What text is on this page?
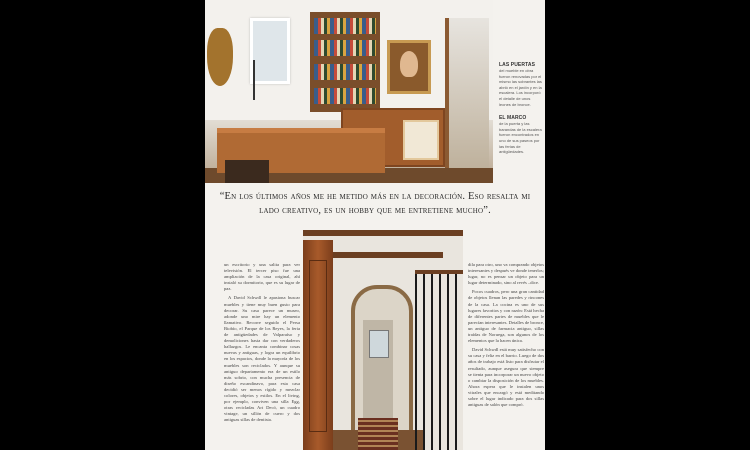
LAS PUERTAS
del mueble en obra fueron renovadas por el mismo las sobrantes las abrió en el jardín y en la escalera. Los incorporó el detalle de unos leones de bronce.
EL MARCO
de la puerta y las barandas de la escalera fueron encontrados en uno de sus paseos por las ferias de antigüedades.
“En los últimos años me he metido más en la decoración. Eso resalta mi lado creativo, es un hobby que me entretiene mucho”.

un escritorio y una salita para ver televisión. El tercer piso fue una ampliación de la casa original, ahí instaló su dormitorio, que es su lugar de paz.

A David Schwdl le apasiona buscar muebles y tiene muy buen gusto para decorar. Su casa parece un museo, adonde uno mire hay un elemento llamativo. Recorre seguido el Persa Biobío, el Parque de los Reyes, la feria de antigüedades de Valparaíso y demoliciones hasta dar con verdaderos hallazgos. Le encanta combinar cosas nuevas y antiguas, y logra un equilibrio en los espacios, donde la mayoría de los muebles son reciclados. Y aunque su antiguo departamento era de un estilo más sobrio, con mucha presencia de diseño escandinavo, para esta casa decidió ser menos rígido y mezclar colores, objetos y estilos. En el living, por ejemplo, conviven una silla Egg, otras recicladas Art Decó, un cuadro vintage, un sillón de cuero y dos antiguas sillas de dentista.

dila para otro, uno va comprando objetos interesantes y después ve donde tenerlos; lugar, no es pensar un objeto para un lugar determinado, sino al revés –dice.

Pocos cuadros, pero una gran cantidad de objetos llenan las paredes y rincones de la casa. La cocina es uno de sus lugares favoritos y con razón: Está hecha de diferentes partes de muebles que le parecían interesantes. Detalles de bronce, un antiguo de farmacia antiguo, sillas traídas de Noruega, son algunos de los elementos que la hacen única.

David Schwdl está muy satisfecho con su casa y feliz en el barrio. Luego de dos años de trabajo está listo para disfrutar el resultado, aunque asegura que siempre se tienta para incorporar un nuevo objeto o cambiar la disposición de los muebles. Ahora espera que le instalen unos vitrales que encargó y está meditando sobre el lugar indicado para dos sillas antiguas de salón que compró.
